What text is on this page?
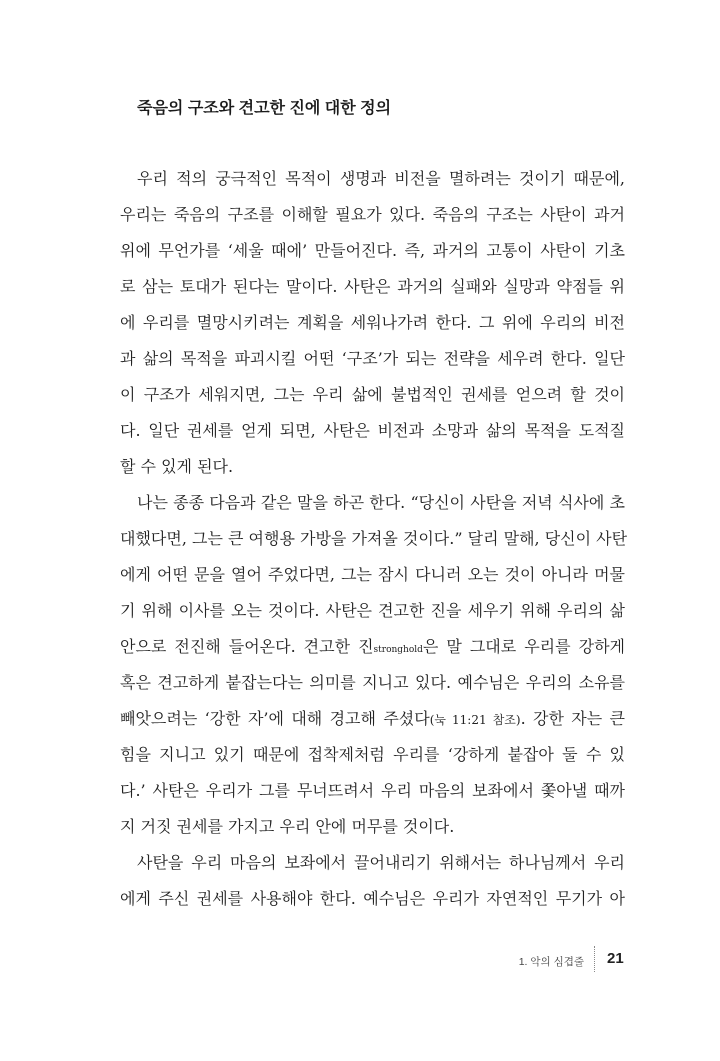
죽음의 구조와 견고한 진에 대한 정의
우리 적의 궁극적인 목적이 생명과 비전을 멸하려는 것이기 때문에,
우리는 죽음의 구조를 이해할 필요가 있다. 죽음의 구조는 사탄이 과거
위에 무언가를 ‘세울 때에’ 만들어진다. 즉, 과거의 고통이 사탄이 기초
로 삼는 토대가 된다는 말이다. 사탄은 과거의 실패와 실망과 약점들 위
에 우리를 멸망시키려는 계획을 세워나가려 한다. 그 위에 우리의 비전
과 삶의 목적을 파괴시킬 어떤 ‘구조’가 되는 전략을 세우려 한다. 일단
이 구조가 세워지면, 그는 우리 삶에 불법적인 권세를 얻으려 할 것이
다. 일단 권세를 얻게 되면, 사탄은 비전과 소망과 삶의 목적을 도적질
할 수 있게 된다.
나는 종종 다음과 같은 말을 하곤 한다. “당신이 사탄을 저녁 식사에 초
대했다면, 그는 큰 여행용 가방을 가져올 것이다.” 달리 말해, 당신이 사탄
에게 어떤 문을 열어 주었다면, 그는 잠시 다니러 오는 것이 아니라 머물
기 위해 이사를 오는 것이다. 사탄은 견고한 진을 세우기 위해 우리의 삶
안으로 전진해 들어온다. 견고한 진stronghold은 말 그대로 우리를 강하게
혹은 견고하게 붙잡는다는 의미를 지니고 있다. 예수님은 우리의 소유를
빼앗으려는 ‘강한 자’에 대해 경고해 주셨다(눅 11:21 참조). 강한 자는 큰
힘을 지니고 있기 때문에 접착제처럼 우리를 ‘강하게 붙잡아 둘 수 있
다.’ 사탄은 우리가 그를 무너뜨려서 우리 마음의 보좌에서 쫓아낼 때까
지 거짓 권세를 가지고 우리 안에 머무를 것이다.
사탄을 우리 마음의 보좌에서 끌어내리기 위해서는 하나님께서 우리
에게 주신 권세를 사용해야 한다. 예수님은 우리가 자연적인 무기가 아
1. 악의 심겹줄 21
